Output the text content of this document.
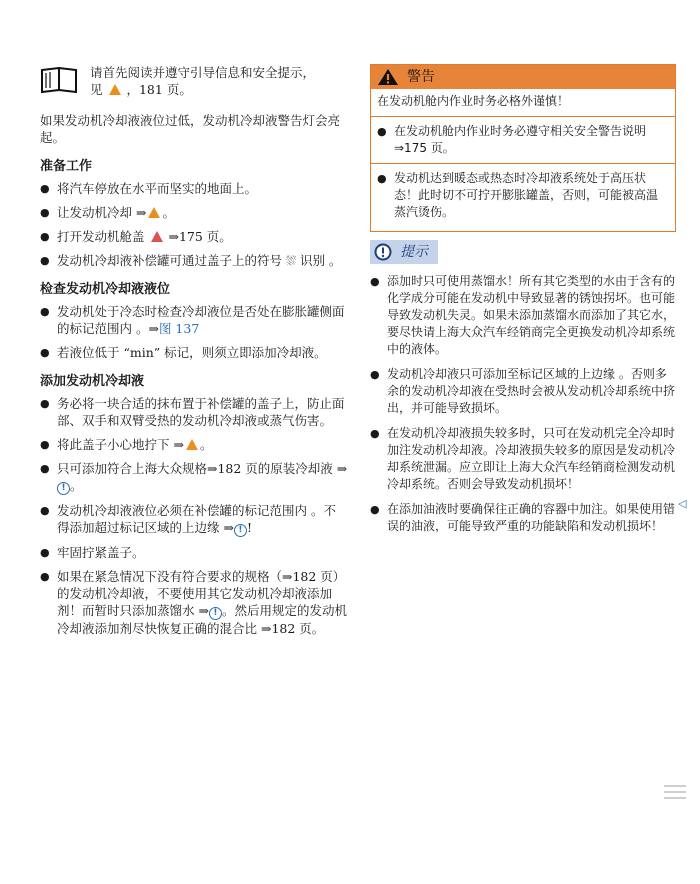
请首先阅读并遵守引导信息和安全提示，
见 ，181 页。

如果发动机冷却液液位过低，发动机冷却液警告灯会亮起。

准备工作
● 将汽车停放在水平而坚实的地面上。
● 让发动机冷却 ⇒ 。
● 打开发动机舱盖 ⇒175 页。
● 发动机冷却液补偿罐可通过盖子上的符号 ⛆ 识别 。
检查发动机冷却液液位
● 发动机处于冷态时检查冷却液位是否处在膨胀罐侧面的标记范围内 。⇒图 137
● 若液位低于 “min” 标记，则须立即添加冷却液。
添加发动机冷却液
● 务必将一块合适的抹布置于补偿罐的盖子上，防止面部、双手和双臂受热的发动机冷却液或蒸气伤害。
● 将此盖子小心地拧下 ⇒ 。
● 只可添加符合上海大众规格⇒182 页的原装冷却液 ⇒! 。
● 发动机冷却液液位必须在补偿罐的标记范围内 。不得添加超过标记区域的上边缘 ⇒ ! !
● 牢固拧紧盖子。
● 如果在紧急情况下没有符合要求的规格（⇒182 页）的发动机冷却液，不要使用其它发动机冷却液添加剂！而暂时只添加蒸馏水 ⇒ ! 。然后用规定的发动机冷却液添加剂尽快恢复正确的混合比 ⇒182 页。
警告
在发动机舱内作业时务必格外谨慎！
● 在发动机舱内作业时务必遵守相关安全警告说明 ⇒175 页。
● 发动机达到暖态或热态时冷却液系统处于高压状态！此时切不可拧开膨胀罐盖，否则，可能被高温蒸汽烫伤。
提示
● 添加时只可使用蒸馏水！所有其它类型的水由于含有的化学成分可能在发动机中导致显著的锈蚀拐坏。也可能导致发动机失灵。如果未添加蒸馏水而添加了其它水，要尽快请上海大众汽车经销商完全更换发动机冷却系统中的液体。
● 发动机冷却液只可添加至标记区域的上边缘 。否则多余的发动机冷却液在受热时会被从发动机冷却系统中挤出，并可能导致损坏。
● 在发动机冷却液损失较多时，只可在发动机完全冷却时加注发动机冷却液。冷却液损失较多的原因是发动机冷却系统泄漏。应立即让上海大众汽车经销商检测发动机冷却系统。否则会导致发动机损坏！
● 在添加油液时要确保往正确的容器中加注。如果使用错误的油液，可能导致严重的功能缺陷和发动机损坏！
◁
